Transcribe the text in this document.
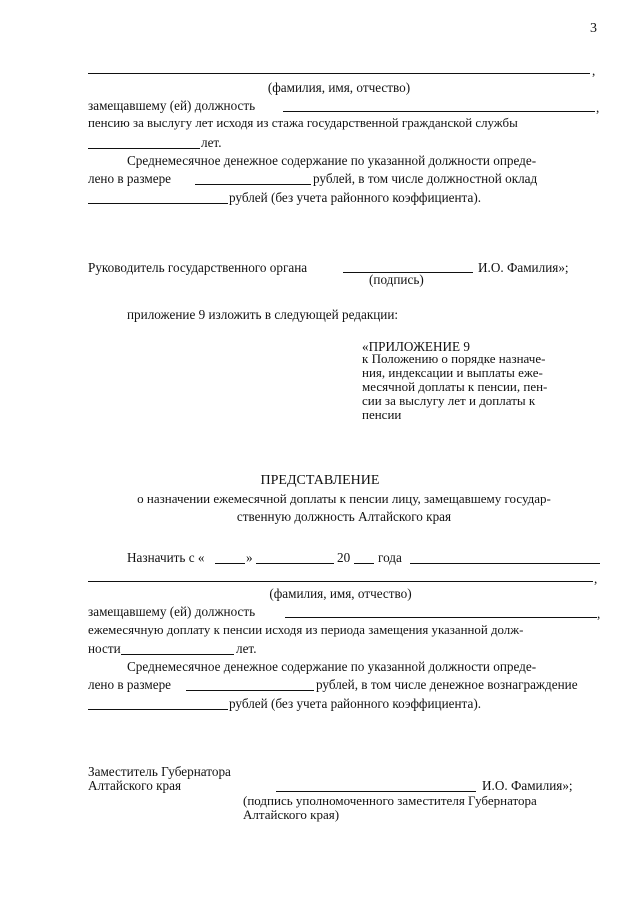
3
,
(фамилия, имя, отчество)
замещавшему (ей) должность	,
пенсию за выслугу лет исходя из стажа государственной гражданской службы
лет.
Среднемесячное денежное содержание по указанной должности опреде-
лено в размере	рублей, в том числе должностной оклад
рублей (без учета районного коэффициента).
Руководитель государственного органа	И.О. Фамилия»;
(подпись)
приложение 9 изложить в следующей редакции:
«ПРИЛОЖЕНИЕ 9
к Положению о порядке назначе-
ния, индексации и выплаты еже-
месячной доплаты к пенсии, пен-
сии за выслугу лет и доплаты к
пенсии
ПРЕДСТАВЛЕНИЕ
о назначении ежемесячной доплаты к пенсии лицу, замещавшему государ-
ственную должность Алтайского края
Назначить с «	»	20 года
,
(фамилия, имя, отчество)
замещавшему (ей) должность	,
ежемесячную доплату к пенсии исходя из периода замещения указанной долж-
ности	лет.
Среднемесячное денежное содержание по указанной должности опреде-
лено в размере	рублей, в том числе денежное вознаграждение
рублей (без учета районного коэффициента).
Заместитель Губернатора
Алтайского края	И.О. Фамилия»;
(подпись уполномоченного заместителя Губернатора
Алтайского края)
